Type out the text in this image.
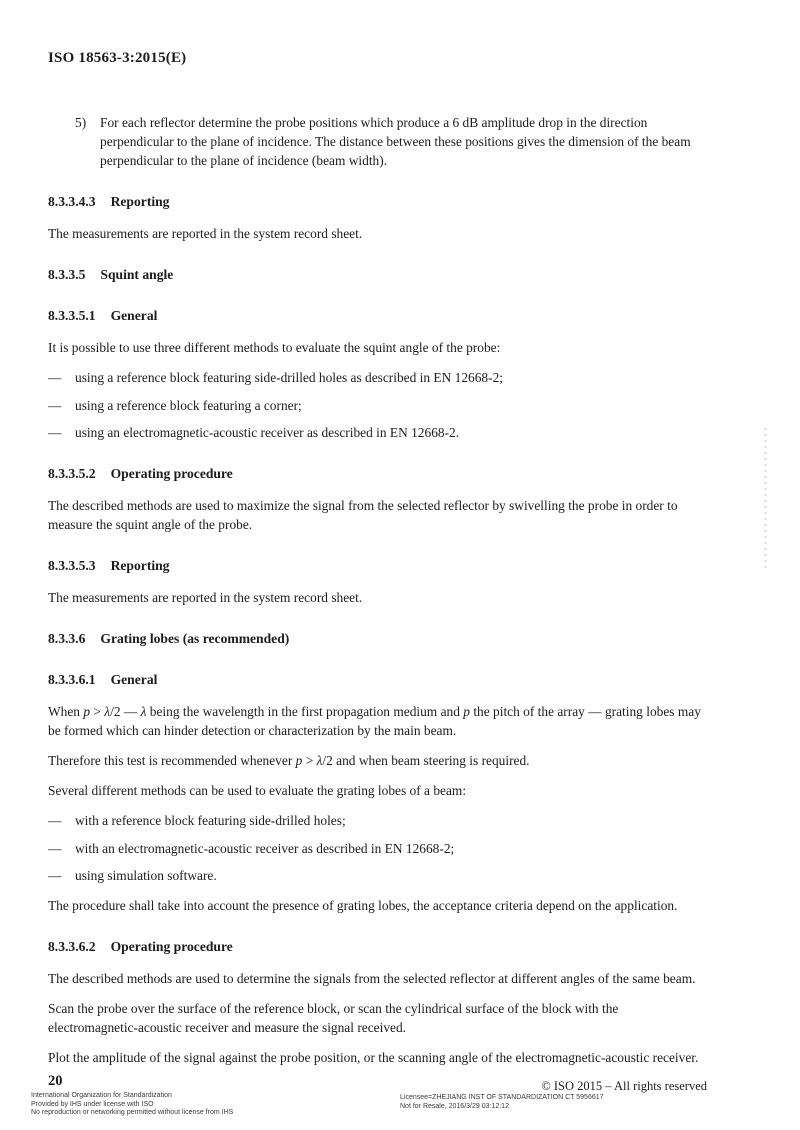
ISO 18563-3:2015(E)
5) For each reflector determine the probe positions which produce a 6 dB amplitude drop in the direction perpendicular to the plane of incidence. The distance between these positions gives the dimension of the beam perpendicular to the plane of incidence (beam width).
8.3.3.4.3 Reporting

The measurements are reported in the system record sheet.

8.3.3.5 Squint angle
8.3.3.5.1 General

It is possible to use three different methods to evaluate the squint angle of the probe:

— using a reference block featuring side-drilled holes as described in EN 12668-2;
— using a reference block featuring a corner;
— using an electromagnetic-acoustic receiver as described in EN 12668-2.
8.3.3.5.2 Operating procedure

The described methods are used to maximize the signal from the selected reflector by swivelling the probe in order to measure the squint angle of the probe.

8.3.3.5.3 Reporting

The measurements are reported in the system record sheet.

8.3.3.6 Grating lobes (as recommended)
8.3.3.6.1 General

When p > λ/2 — λ being the wavelength in the first propagation medium and p the pitch of the array — grating lobes may be formed which can hinder detection or characterization by the main beam.

Therefore this test is recommended whenever p > λ/2 and when beam steering is required.

Several different methods can be used to evaluate the grating lobes of a beam:

— with a reference block featuring side-drilled holes;
— with an electromagnetic-acoustic receiver as described in EN 12668-2;
— using simulation software.

The procedure shall take into account the presence of grating lobes, the acceptance criteria depend on the application.

8.3.3.6.2 Operating procedure

The described methods are used to determine the signals from the selected reflector at different angles of the same beam.

Scan the probe over the surface of the reference block, or scan the cylindrical surface of the block with the electromagnetic-acoustic receiver and measure the signal received.

Plot the amplitude of the signal against the probe position, or the scanning angle of the electromagnetic-acoustic receiver.

20
International Organization for Standardization
Provided by IHS under license with ISO
No reproduction or networking permitted without license from IHS
Licensee=ZHEJIANG INST OF STANDARDIZATION CT 5956617
Not for Resale, 2016/3/29 03:12:12
© ISO 2015 – All rights reserved
